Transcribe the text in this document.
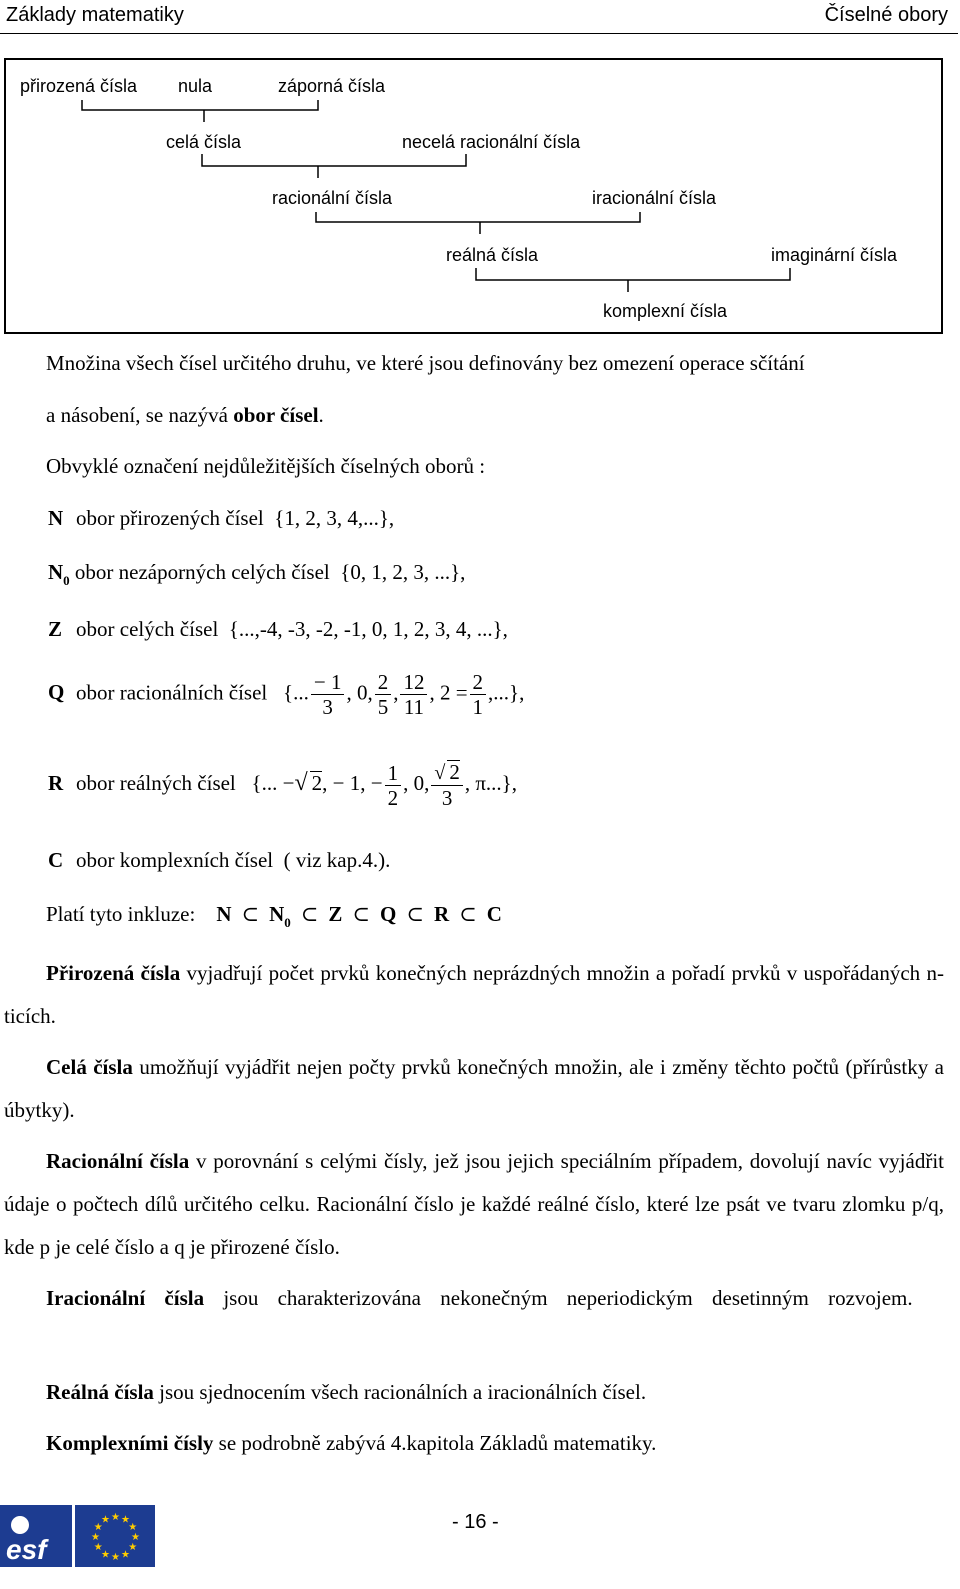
Základy matematiky	Číselné obory
přirozená čísla nula	záporná čísla
celá čísla	necelá racionální čísla
racionální čísla	iracionální čísla
reálná čísla	imaginární čísla
komplexní čísla
Množina všech čísel určitého druhu, ve které jsou definovány bez omezení operace sčítání
a násobení, se nazývá obor čísel.
Obvyklé označení nejdůležitějších číselných oborů :
N obor přirozených čísel {1, 2, 3, 4,...},
$N_0$ obor nezáporných celých čísel {0, 1, 2, 3, ...},
Z obor celých čísel {...,-4, -3, -2, -1, 0, 1, 2, 3, 4, ...},
Q obor racionálních čísel {... $\frac{- 1}{3}$ , 0, $\frac{2}{5}$ , $\frac{12}{11}$ , $2 = \frac{2}{1}$ ,...},
R obor reálných čísel {... −√ 2, − 1, − $\frac{1}{2}$ , 0, $\frac{√ 2}{3}$ , π...},
C obor komplexních čísel ( viz kap.4.).
Platí tyto inkluze: N ⊂ $N_0$ ⊂ Z ⊂ Q ⊂ R ⊂ C
Přirozená čísla vyjadřují počet prvků konečných neprázdných množin a pořadí prvků v uspořádaných n-ticích.
Celá čísla umožňují vyjádřit nejen počty prvků konečných množin, ale i změny těchto počtů (přírůstky a úbytky).
Racionální čísla v porovnání s celými čísly, jež jsou jejich speciálním případem, dovolují navíc vyjádřit údaje o počtech dílů určitého celku. Racionální číslo je každé reálné číslo, které lze psát ve tvaru zlomku p/q, kde p je celé číslo a q je přirozené číslo.
Iracionální čísla jsou charakterizována nekonečným neperiodickým desetinným rozvojem.
Reálná čísla jsou sjednocením všech racionálních a iracionálních čísel.
Komplexními čísly se podrobně zabývá 4.kapitola Základů matematiky.
esf	★
★
★
★
★
★
★
★
★ ★ ★
★	- 16 -
